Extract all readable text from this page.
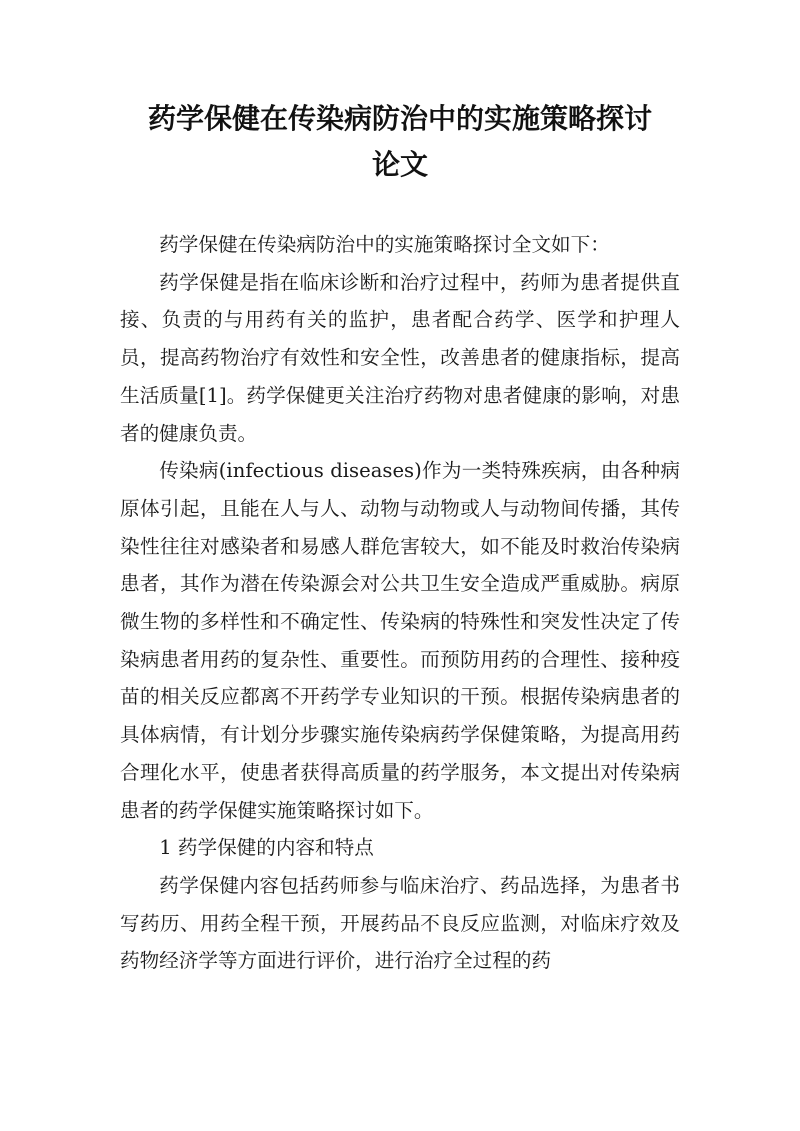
药学保健在传染病防治中的实施策略探讨
论文

药学保健在传染病防治中的实施策略探讨全文如下：

药学保健是指在临床诊断和治疗过程中，药师为患者提供直接、负责的与用药有关的监护，患者配合药学、医学和护理人员，提高药物治疗有效性和安全性，改善患者的健康指标，提高生活质量[1]。药学保健更关注治疗药物对患者健康的影响，对患者的健康负责。

传染病(infectious diseases)作为一类特殊疾病，由各种病原体引起，且能在人与人、动物与动物或人与动物间传播，其传染性往往对感染者和易感人群危害较大，如不能及时救治传染病患者，其作为潜在传染源会对公共卫生安全造成严重威胁。病原微生物的多样性和不确定性、传染病的特殊性和突发性决定了传染病患者用药的复杂性、重要性。而预防用药的合理性、接种疫苗的相关反应都离不开药学专业知识的干预。根据传染病患者的具体病情，有计划分步骤实施传染病药学保健策略，为提高用药合理化水平，使患者获得高质量的药学服务，本文提出对传染病患者的药学保健实施策略探讨如下。

1 药学保健的内容和特点

药学保健内容包括药师参与临床治疗、药品选择，为患者书写药历、用药全程干预，开展药品不良反应监测，对临床疗效及药物经济学等方面进行评价，进行治疗全过程的药
